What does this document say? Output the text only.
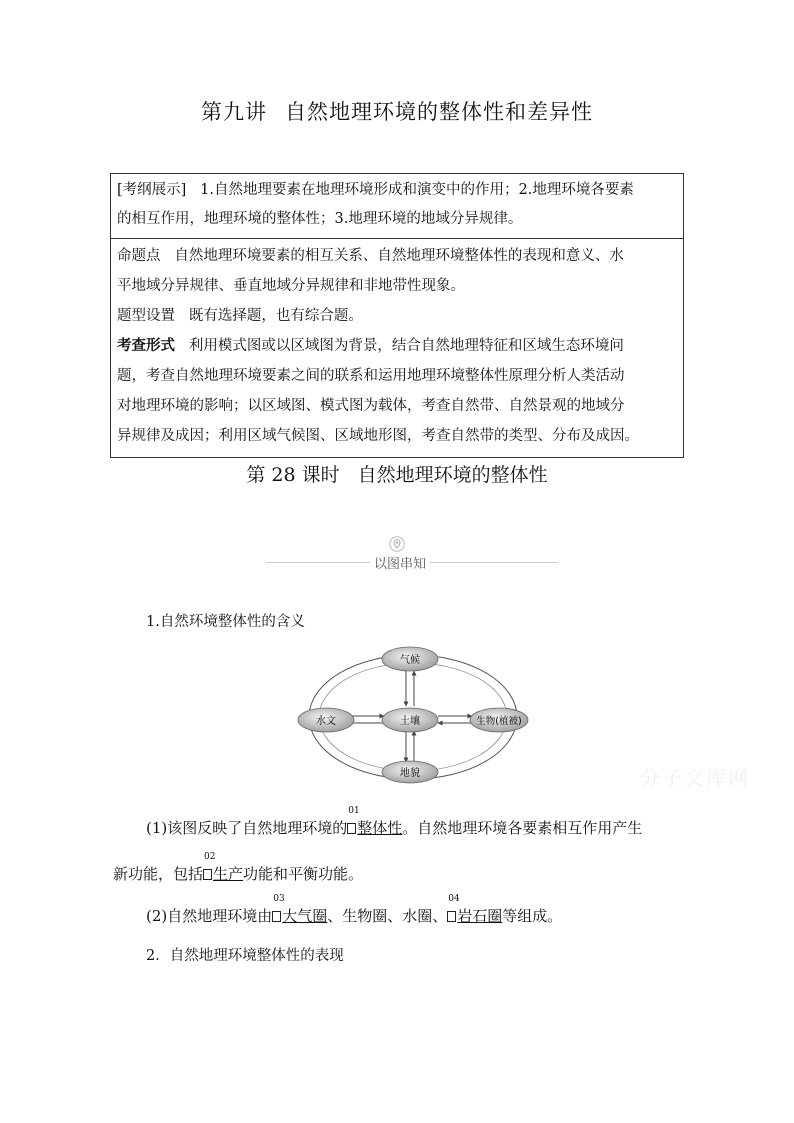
第九讲 自然地理环境的整体性和差异性
[考纲展示] 1.自然地理要素在地理环境形成和演变中的作用；2.地理环境各要素
的相互作用，地理环境的整体性；3.地理环境的地域分异规律。

命题点 自然地理环境要素的相互关系、自然地理环境整体性的表现和意义、水
平地域分异规律、垂直地域分异规律和非地带性现象。

题型设置 既有选择题，也有综合题。

考查形式 利用模式图或以区域图为背景，结合自然地理特征和区域生态环境问
题，考查自然地理环境要素之间的联系和运用地理环境整体性原理分析人类活动
对地理环境的影响；以区域图、模式图为载体，考查自然带、自然景观的地域分
异规律及成因；利用区域气候图、区域地形图，考查自然带的类型、分布及成因。

第 28 课时 自然地理环境的整体性
以图串知
1.自然环境整体性的含义
气候
水文	土壤	生物(植被)
地貌	分子文库网
(1)该图反映了自然地理环境的
01
整体性。自然地理环境各要素相互作用产生
新功能，包括
02
生产功能和平衡功能。
(2)自然地理环境由
03
大气圈、生物圈、水圈、
04
岩石圈等组成。
2．自然地理环境整体性的表现
